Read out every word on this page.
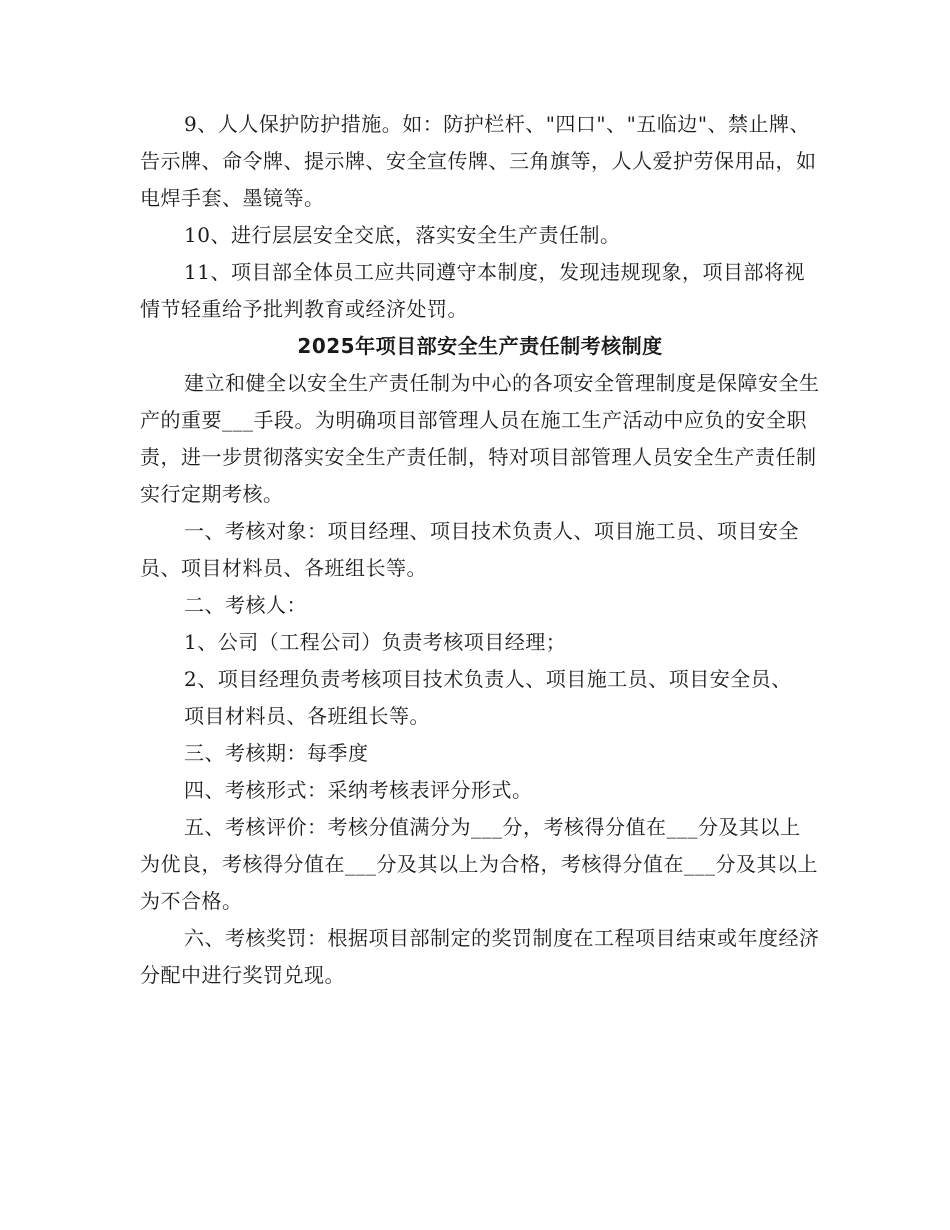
9、人人保护防护措施。如：防护栏杆、"四口"、"五临边"、禁止牌、告示牌、命令牌、提示牌、安全宣传牌、三角旗等，人人爱护劳保用品，如电焊手套、墨镜等。

10、进行层层安全交底，落实安全生产责任制。

11、项目部全体员工应共同遵守本制度，发现违规现象，项目部将视情节轻重给予批判教育或经济处罚。

2025年项目部安全生产责任制考核制度

建立和健全以安全生产责任制为中心的各项安全管理制度是保障安全生产的重要___手段。为明确项目部管理人员在施工生产活动中应负的安全职责，进一步贯彻落实安全生产责任制，特对项目部管理人员安全生产责任制实行定期考核。

一、考核对象：项目经理、项目技术负责人、项目施工员、项目安全员、项目材料员、各班组长等。

二、考核人：

1、公司（工程公司）负责考核项目经理；

2、项目经理负责考核项目技术负责人、项目施工员、项目安全员、

项目材料员、各班组长等。

三、考核期：每季度

四、考核形式：采纳考核表评分形式。

五、考核评价：考核分值满分为___分，考核得分值在___分及其以上为优良，考核得分值在___分及其以上为合格，考核得分值在___分及其以上为不合格。

六、考核奖罚：根据项目部制定的奖罚制度在工程项目结束或年度经济分配中进行奖罚兑现。
